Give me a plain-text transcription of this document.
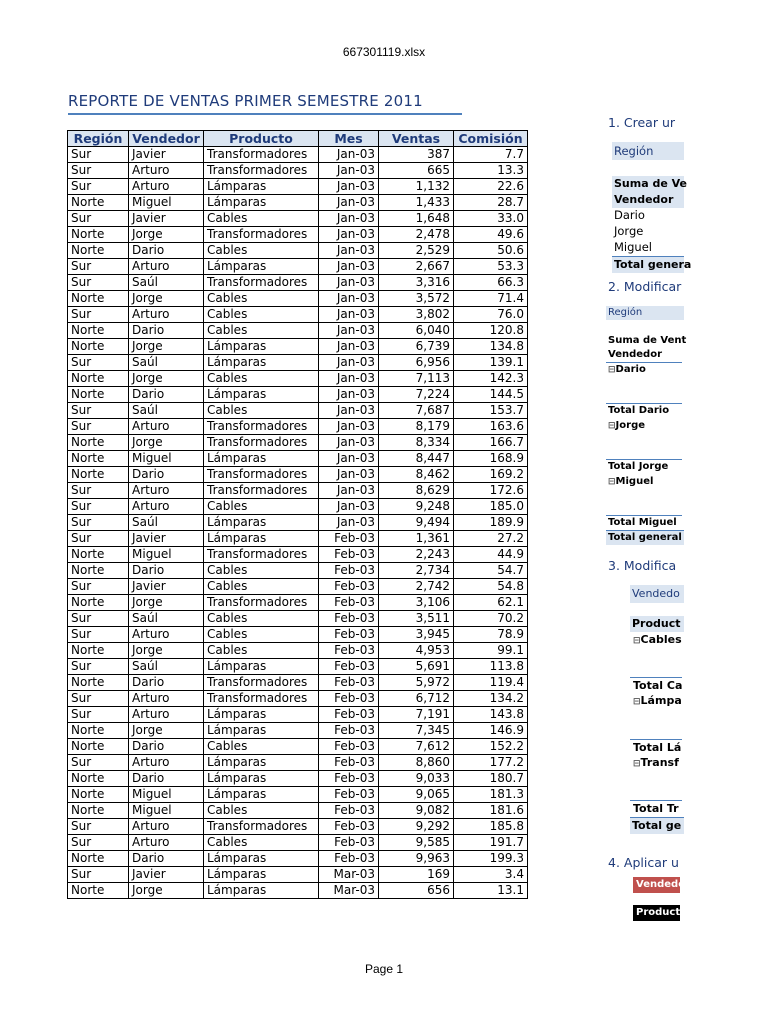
667301119.xlsx
REPORTE DE VENTAS PRIMER SEMESTRE 2011
Región	Vendedor	Producto	Mes	Ventas	Comisión
Sur	Javier	Transformadores	Jan-03	387	7.7
Sur	Arturo	Transformadores	Jan-03	665	13.3
Sur	Arturo	Lámparas	Jan-03	1,132	22.6
Norte	Miguel	Lámparas	Jan-03	1,433	28.7
Sur	Javier	Cables	Jan-03	1,648	33.0
Norte	Jorge	Transformadores	Jan-03	2,478	49.6
Norte	Dario	Cables	Jan-03	2,529	50.6
Sur	Arturo	Lámparas	Jan-03	2,667	53.3
Sur	Saúl	Transformadores	Jan-03	3,316	66.3
Norte	Jorge	Cables	Jan-03	3,572	71.4
Sur	Arturo	Cables	Jan-03	3,802	76.0
Norte	Dario	Cables	Jan-03	6,040	120.8
Norte	Jorge	Lámparas	Jan-03	6,739	134.8
Sur	Saúl	Lámparas	Jan-03	6,956	139.1
Norte	Jorge	Cables	Jan-03	7,113	142.3
Norte	Dario	Lámparas	Jan-03	7,224	144.5
Sur	Saúl	Cables	Jan-03	7,687	153.7
Sur	Arturo	Transformadores	Jan-03	8,179	163.6
Norte	Jorge	Transformadores	Jan-03	8,334	166.7
Norte	Miguel	Lámparas	Jan-03	8,447	168.9
Norte	Dario	Transformadores	Jan-03	8,462	169.2
Sur	Arturo	Transformadores	Jan-03	8,629	172.6
Sur	Arturo	Cables	Jan-03	9,248	185.0
Sur	Saúl	Lámparas	Jan-03	9,494	189.9
Sur	Javier	Lámparas	Feb-03	1,361	27.2
Norte	Miguel	Transformadores	Feb-03	2,243	44.9
Norte	Dario	Cables	Feb-03	2,734	54.7
Sur	Javier	Cables	Feb-03	2,742	54.8
Norte	Jorge	Transformadores	Feb-03	3,106	62.1
Sur	Saúl	Cables	Feb-03	3,511	70.2
Sur	Arturo	Cables	Feb-03	3,945	78.9
Norte	Jorge	Cables	Feb-03	4,953	99.1
Sur	Saúl	Lámparas	Feb-03	5,691	113.8
Norte	Dario	Transformadores	Feb-03	5,972	119.4
Sur	Arturo	Transformadores	Feb-03	6,712	134.2
Sur	Arturo	Lámparas	Feb-03	7,191	143.8
Norte	Jorge	Lámparas	Feb-03	7,345	146.9
Norte	Dario	Cables	Feb-03	7,612	152.2
Sur	Arturo	Lámparas	Feb-03	8,860	177.2
Norte	Dario	Lámparas	Feb-03	9,033	180.7
Norte	Miguel	Lámparas	Feb-03	9,065	181.3
Norte	Miguel	Cables	Feb-03	9,082	181.6
Sur	Arturo	Transformadores	Feb-03	9,292	185.8
Sur	Arturo	Cables	Feb-03	9,585	191.7
Norte	Dario	Lámparas	Feb-03	9,963	199.3
Sur	Javier	Lámparas	Mar-03	169	3.4
Norte	Jorge	Lámparas	Mar-03	656	13.1
1. Crear ur
Región
Suma de Ve
Vendedor
Dario
Jorge
Miguel
Total genera
2. Modificar
Región
Suma de Vent
Vendedor
⊟Dario
Total Dario
⊟Jorge
Total Jorge
⊟Miguel
Total Miguel
Total general
3. Modifica
Vendedo
Product
⊟Cables
Total Ca
⊟Lámpa
Total Lá
⊟Transf
Total Tr
Total ge
4. Aplicar u
Vendedo
Producto
Page 1
